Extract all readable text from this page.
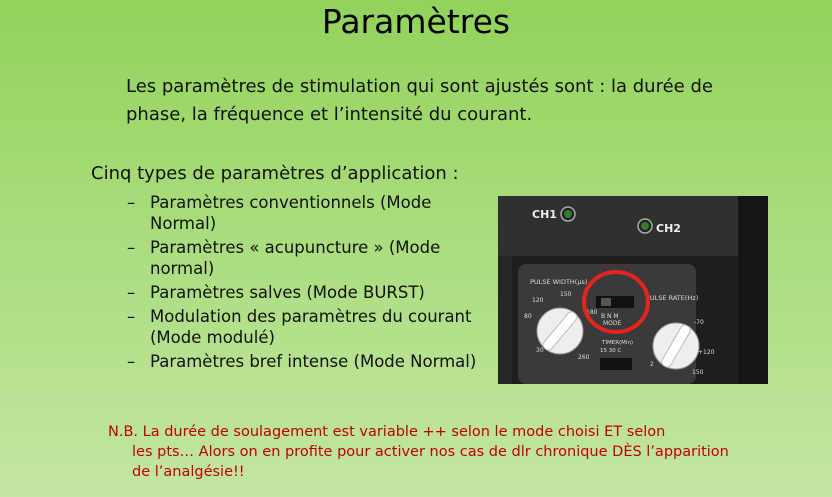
Paramètres
Les paramètres de stimulation qui sont ajustés sont : la durée de phase, la fréquence et l’intensité du courant.
Cinq types de paramètres d’application :
– Paramètres conventionnels (Mode Normal)
– Paramètres « acupuncture » (Mode normal)
– Paramètres salves (Mode BURST)
– Modulation des paramètres du courant (Mode modulé)
– Paramètres bref intense (Mode Normal)
CH1
CH2
PULSE WIDTH(μs)
PULSE RATE(Hz)
150
120
80
30
180
260
-70
+120
2
150
B N M
MODE
TIMER(Min)
15 30 C
N.B. La durée de soulagement est variable ++ selon le mode choisi ET selon
les pts… Alors on en profite pour activer nos cas de dlr chronique DÈS l’apparition de l’analgésie!!
